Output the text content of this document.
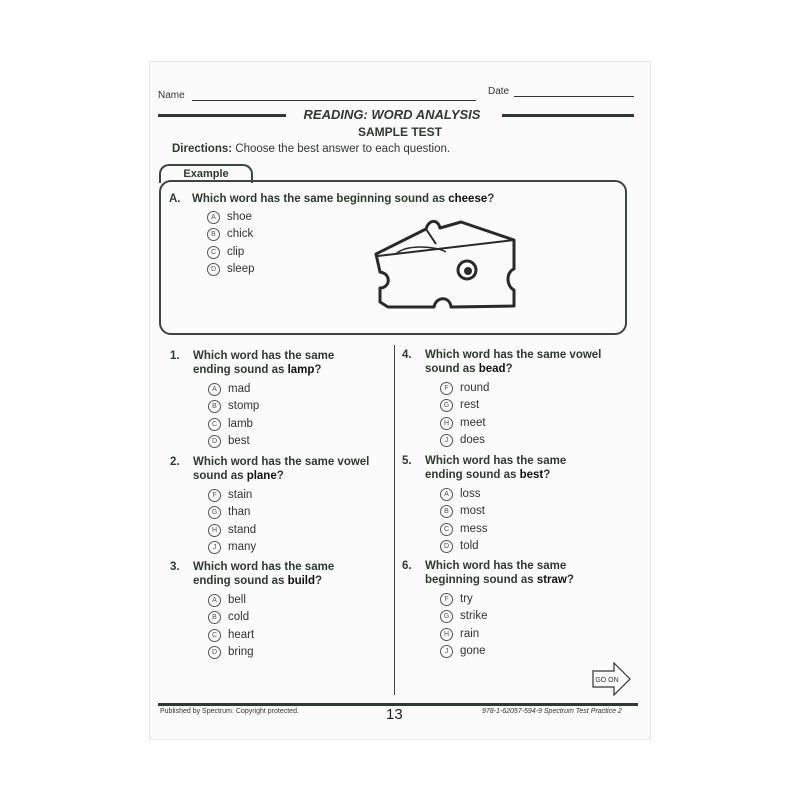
Name	Date
READING: WORD ANALYSIS
SAMPLE TEST
Directions: Choose the best answer to each question.
Example
A. Which word has the same beginning sound as cheese?
A shoe
B chick
C clip
D sleep
1. Which word has the same
ending sound as lamp?
A mad
B stomp
C lamb
D best
2. Which word has the same vowel
sound as plane?
F stain
G than
H stand
J	many
3. Which word has the same
ending sound as build?
A bell
B cold
C heart
D bring
4. Which word has the same vowel
sound as bead?
F round
G rest
H meet
J	does
5. Which word has the same
ending sound as best?
A loss
B most
C mess
D told
6. Which word has the same
beginning sound as straw?
F try
G strike
H rain
J	gone
GO ON
Published by Spectrum. Copyright protected.	13	978-1-62057-594-9 Spectrum Test Practice 2
